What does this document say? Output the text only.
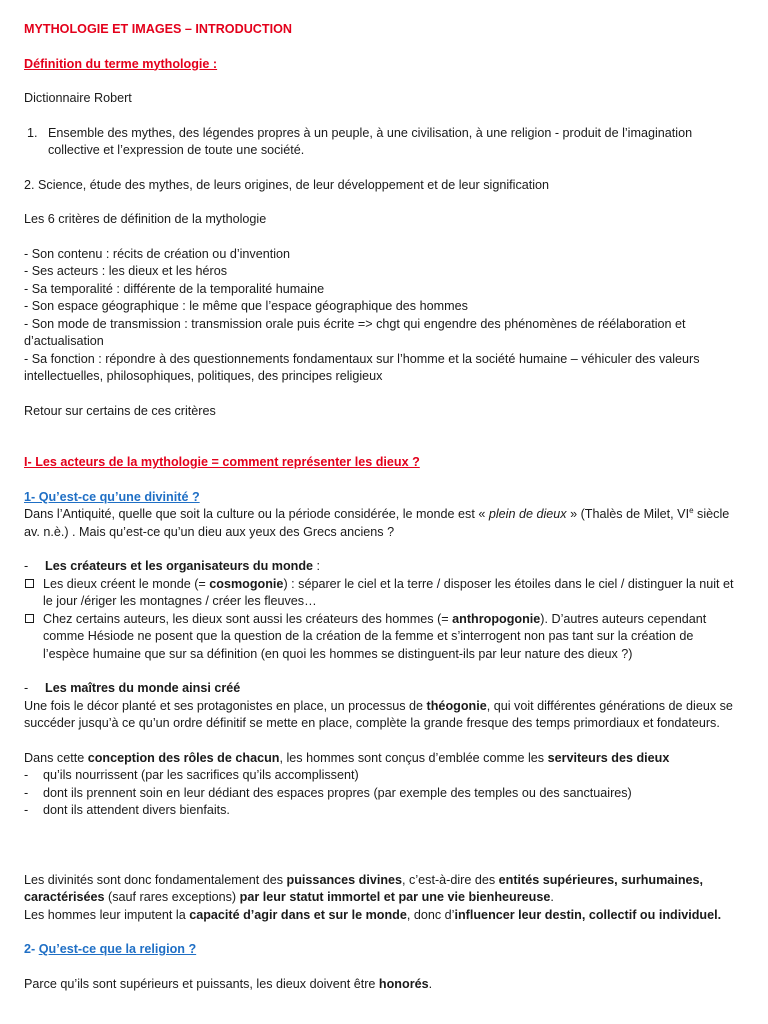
MYTHOLOGIE ET IMAGES – INTRODUCTION

Définition du terme mythologie :

Dictionnaire Robert

1. Ensemble des mythes, des légendes propres à un peuple, à une civilisation, à une religion - produit de l’imagination collective et l’expression de toute une société.

2. Science, étude des mythes, de leurs origines, de leur développement et de leur signification

Les 6 critères de définition de la mythologie

- Son contenu : récits de création ou d’invention

- Ses acteurs : les dieux et les héros

- Sa temporalité : différente de la temporalité humaine

- Son espace géographique : le même que l’espace géographique des hommes

- Son mode de transmission : transmission orale puis écrite => chgt qui engendre des phénomènes de réélaboration et d’actualisation

- Sa fonction : répondre à des questionnements fondamentaux sur l’homme et la société humaine – véhiculer des valeurs intellectuelles, philosophiques, politiques, des principes religieux

Retour sur certains de ces critères

I- Les acteurs de la mythologie = comment représenter les dieux ?

1- Qu’est-ce qu’une divinité ?

Dans l’Antiquité, quelle que soit la culture ou la période considérée, le monde est « plein de dieux » (Thalès de Milet, VIe siècle av. n.è.) . Mais qu’est-ce qu’un dieu aux yeux des Grecs anciens ?

- Les créateurs et les organisateurs du monde :

Les dieux créent le monde (= cosmogonie) : séparer le ciel et la terre / disposer les étoiles dans le ciel / distinguer la nuit et le jour /ériger les montagnes / créer les fleuves…
Chez certains auteurs, les dieux sont aussi les créateurs des hommes (= anthropogonie). D’autres auteurs cependant comme Hésiode ne posent que la question de la création de la femme et s’interrogent non pas tant sur la création de l’espèce humaine que sur sa définition (en quoi les hommes se distinguent-ils par leur nature des dieux ?)

- Les maîtres du monde ainsi créé

Une fois le décor planté et ses protagonistes en place, un processus de théogonie, qui voit différentes générations de dieux se succéder jusqu’à ce qu’un ordre définitif se mette en place, complète la grande fresque des temps primordiaux et fondateurs.

Dans cette conception des rôles de chacun, les hommes sont conçus d’emblée comme les serviteurs des dieux

- qu’ils nourrissent (par les sacrifices qu’ils accomplissent)

- dont ils prennent soin en leur dédiant des espaces propres (par exemple des temples ou des sanctuaires)

- dont ils attendent divers bienfaits.

Les divinités sont donc fondamentalement des puissances divines, c’est-à-dire des entités supérieures, surhumaines, caractérisées (sauf rares exceptions) par leur statut immortel et par une vie bienheureuse.

Les hommes leur imputent la capacité d’agir dans et sur le monde, donc d’influencer leur destin, collectif ou individuel.

2- Qu’est-ce que la religion ?

Parce qu’ils sont supérieurs et puissants, les dieux doivent être honorés.
